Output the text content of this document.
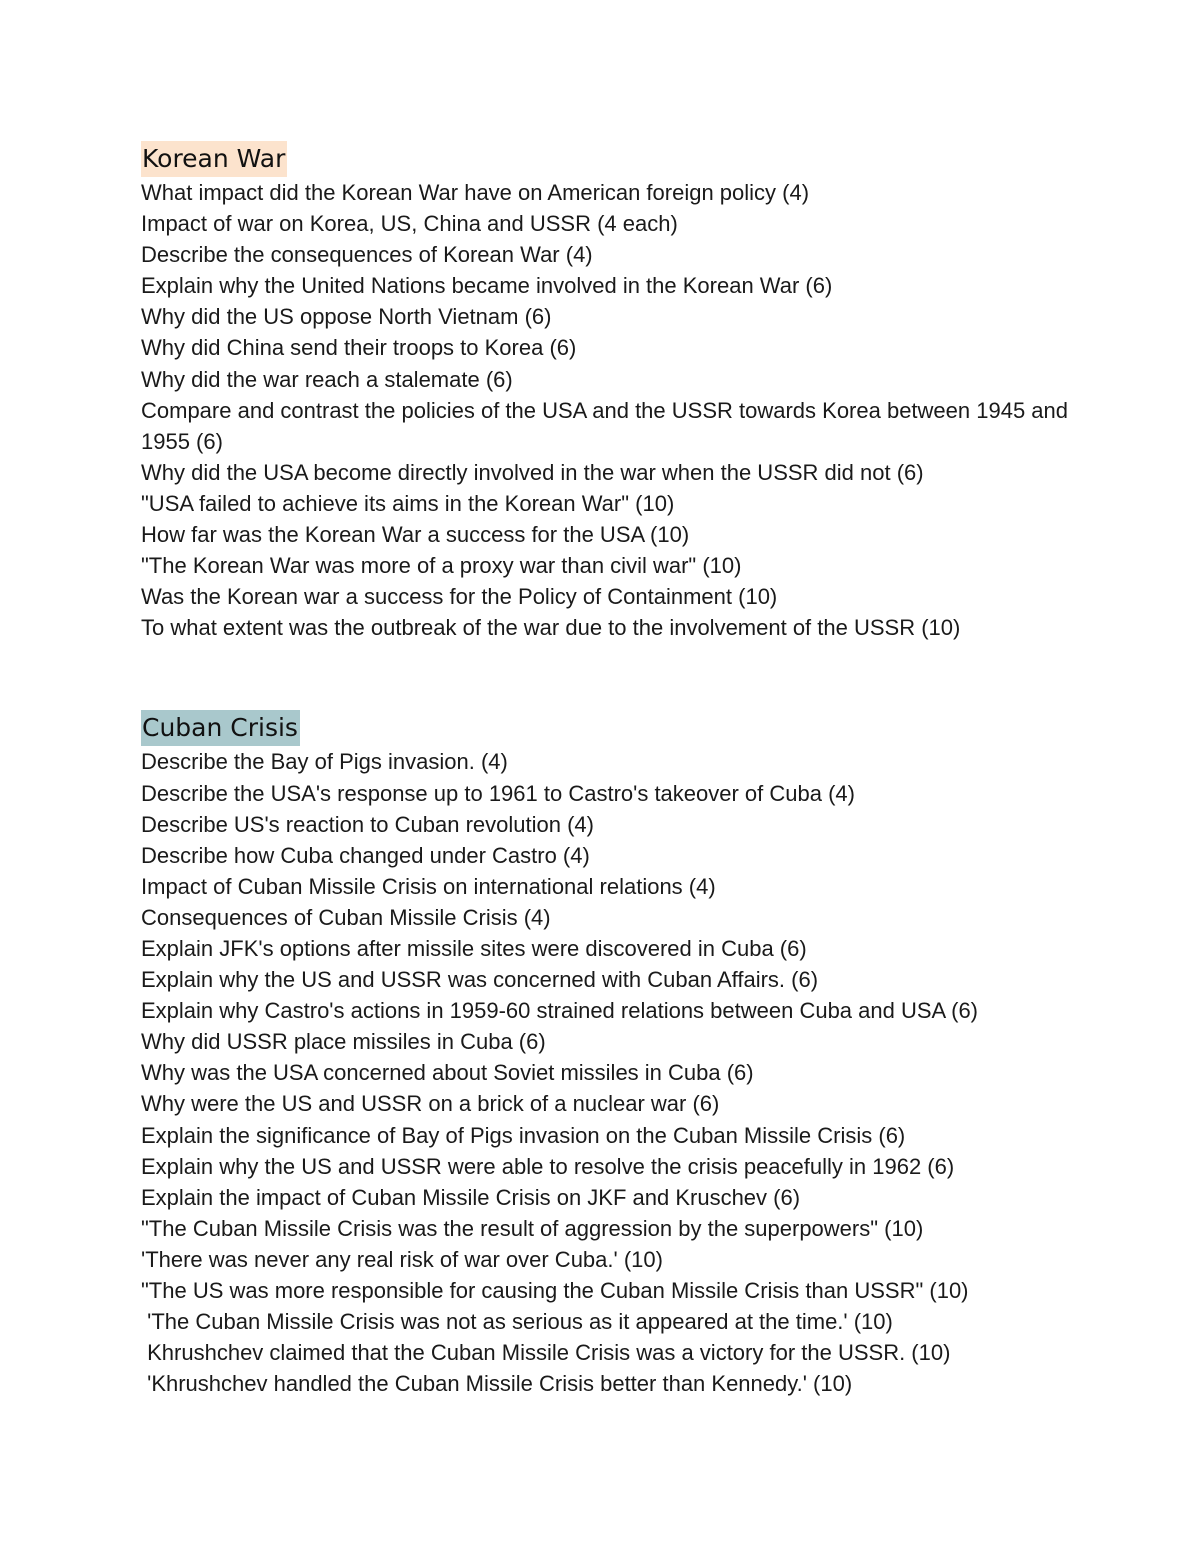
Korean War
What impact did the Korean War have on American foreign policy (4)
Impact of war on Korea, US, China and USSR (4 each)
Describe the consequences of Korean War (4)
Explain why the United Nations became involved in the Korean War (6)
Why did the US oppose North Vietnam (6)
Why did China send their troops to Korea (6)
Why did the war reach a stalemate (6)
Compare and contrast the policies of the USA and the USSR towards Korea between 1945 and 1955 (6)
Why did the USA become directly involved in the war when the USSR did not (6)
"USA failed to achieve its aims in the Korean War" (10)
How far was the Korean War a success for the USA (10)
"The Korean War was more of a proxy war than civil war" (10)
Was the Korean war a success for the Policy of Containment (10)
To what extent was the outbreak of the war due to the involvement of the USSR (10)
Cuban Crisis
Describe the Bay of Pigs invasion. (4)
Describe the USA's response up to 1961 to Castro's takeover of Cuba (4)
Describe US's reaction to Cuban revolution (4)
Describe how Cuba changed under Castro (4)
Impact of Cuban Missile Crisis on international relations (4)
Consequences of Cuban Missile Crisis (4)
Explain JFK's options after missile sites were discovered in Cuba (6)
Explain why the US and USSR was concerned with Cuban Affairs. (6)
Explain why Castro's actions in 1959-60 strained relations between Cuba and USA (6)
Why did USSR place missiles in Cuba (6)
Why was the USA concerned about Soviet missiles in Cuba (6)
Why were the US and USSR on a brick of a nuclear war (6)
Explain the significance of Bay of Pigs invasion on the Cuban Missile Crisis (6)
Explain why the US and USSR were able to resolve the crisis peacefully in 1962 (6)
Explain the impact of Cuban Missile Crisis on JKF and Kruschev (6)
"The Cuban Missile Crisis was the result of aggression by the superpowers" (10)
'There was never any real risk of war over Cuba.' (10)
"The US was more responsible for causing the Cuban Missile Crisis than USSR" (10)
'The Cuban Missile Crisis was not as serious as it appeared at the time.' (10)
Khrushchev claimed that the Cuban Missile Crisis was a victory for the USSR. (10)
'Khrushchev handled the Cuban Missile Crisis better than Kennedy.' (10)
